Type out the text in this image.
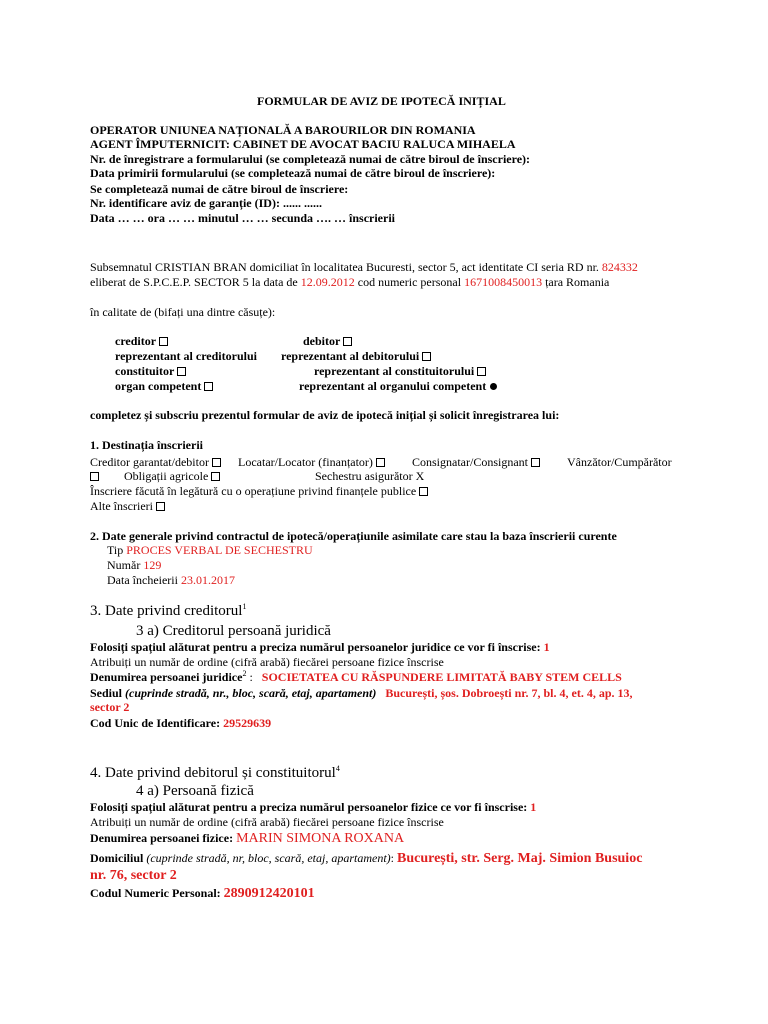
FORMULAR DE AVIZ DE IPOTECĂ INIȚIAL
OPERATOR UNIUNEA NAȚIONALĂ A BAROURILOR DIN ROMANIA
AGENT ÎMPUTERNICIT: CABINET DE AVOCAT BACIU RALUCA MIHAELA
Nr. de înregistrare a formularului (se completează numai de către biroul de înscriere):
Data primirii formularului (se completează numai de către biroul de înscriere):
Se completează numai de către biroul de înscriere:
Nr. identificare aviz de garanție (ID): ...... ......
Data … … ora … … minutul … … secunda …. … înscrierii
Subsemnatul CRISTIAN BRAN domiciliat în localitatea Bucuresti, sector 5, act identitate CI seria RD nr. 824332
eliberat de S.P.C.E.P. SECTOR 5 la data de 12.09.2012 cod numeric personal 1671008450013 țara Romania
în calitate de (bifați una dintre căsuțe):
creditor	debitor
reprezentant al creditorului reprezentant al debitorului
constituitor	reprezentant al constituitorului
organ competent	reprezentant al organului competent
completez și subscriu prezentul formular de aviz de ipotecă inițial și solicit înregistrarea lui:
1. Destinația înscrierii
Creditor garantat/debitor	Locatar/Locator (finanțator)	Consignatar/Consignant	Vânzător/Cumpărător
Obligații agricole	Sechestru asigurător X
Înscriere făcută în legătură cu o operațiune privind finanțele publice
Alte înscrieri
2. Date generale privind contractul de ipotecă/operațiunile asimilate care stau la baza înscrierii curente
Tip PROCES VERBAL DE SECHESTRU
Număr 129
Data încheierii 23.01.2017
3. Date privind creditorul$^1$
3 a) Creditorul persoană juridică
Folosiți spațiul alăturat pentru a preciza numărul persoanelor juridice ce vor fi înscrise: 1
Atribuiți un număr de ordine (cifră arabă) fiecărei persoane fizice înscrise
Denumirea persoanei juridice$^2$ :   SOCIETATEA CU RĂSPUNDERE LIMITATĂ BABY STEM CELLS
Sediul (cuprinde stradă, nr., bloc, scară, etaj, apartament) București, șos. Dobroești nr. 7, bl. 4, et. 4, ap. 13,
sector 2
Cod Unic de Identificare: 29529639
4. Date privind debitorul și constituitorul$^4$
4 a) Persoană fizică
Folosiți spațiul alăturat pentru a preciza numărul persoanelor fizice ce vor fi înscrise: 1
Atribuiți un număr de ordine (cifră arabă) fiecărei persoane fizice înscrise
Denumirea persoanei fizice: MARIN SIMONA ROXANA
Domiciliul (cuprinde stradă, nr, bloc, scară, etaj, apartament): București, str. Serg. Maj. Simion Busuioc
nr. 76, sector 2
Codul Numeric Personal: 2890912420101
